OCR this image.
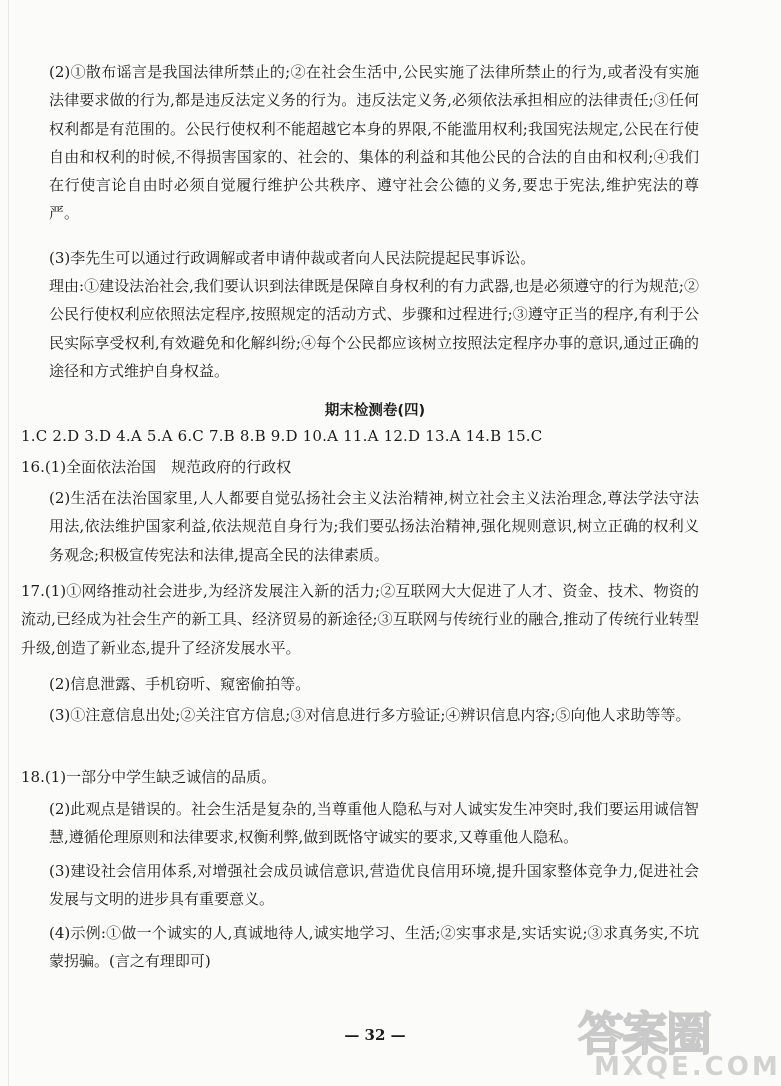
(2)①散布谣言是我国法律所禁止的;②在社会生活中,公民实施了法律所禁止的行为,或者没有实施法律要求做的行为,都是违反法定义务的行为。违反法定义务,必须依法承担相应的法律责任;③任何权利都是有范围的。公民行使权利不能超越它本身的界限,不能滥用权利;我国宪法规定,公民在行使自由和权利的时候,不得损害国家的、社会的、集体的利益和其他公民的合法的自由和权利;④我们在行使言论自由时必须自觉履行维护公共秩序、遵守社会公德的义务,要忠于宪法,维护宪法的尊严。

(3)李先生可以通过行政调解或者申请仲裁或者向人民法院提起民事诉讼。

理由:①建设法治社会,我们要认识到法律既是保障自身权利的有力武器,也是必须遵守的行为规范;②公民行使权利应依照法定程序,按照规定的活动方式、步骤和过程进行;③遵守正当的程序,有利于公民实际享受权利,有效避免和化解纠纷;④每个公民都应该树立按照法定程序办事的意识,通过正确的途径和方式维护自身权益。

期末检测卷(四)
1.C 2.D 3.D 4.A 5.A 6.C 7.B 8.B 9.D 10.A 11.A 12.D 13.A 14.B 15.C

16.(1)全面依法治国　规范政府的行政权

(2)生活在法治国家里,人人都要自觉弘扬社会主义法治精神,树立社会主义法治理念,尊法学法守法用法,依法维护国家利益,依法规范自身行为;我们要弘扬法治精神,强化规则意识,树立正确的权利义务观念;积极宣传宪法和法律,提高全民的法律素质。

17.(1)①网络推动社会进步,为经济发展注入新的活力;②互联网大大促进了人才、资金、技术、物资的流动,已经成为社会生产的新工具、经济贸易的新途径;③互联网与传统行业的融合,推动了传统行业转型升级,创造了新业态,提升了经济发展水平。

(2)信息泄露、手机窃听、窥密偷拍等。

(3)①注意信息出处;②关注官方信息;③对信息进行多方验证;④辨识信息内容;⑤向他人求助等等。

18.(1)一部分中学生缺乏诚信的品质。

(2)此观点是错误的。社会生活是复杂的,当尊重他人隐私与对人诚实发生冲突时,我们要运用诚信智慧,遵循伦理原则和法律要求,权衡利弊,做到既恪守诚实的要求,又尊重他人隐私。

(3)建设社会信用体系,对增强社会成员诚信意识,营造优良信用环境,提升国家整体竞争力,促进社会发展与文明的进步具有重要意义。

(4)示例:①做一个诚实的人,真诚地待人,诚实地学习、生活;②实事求是,实话实说;③求真务实,不坑蒙拐骗。(言之有理即可)

— 32 —	答案圈
MXQE.COM
